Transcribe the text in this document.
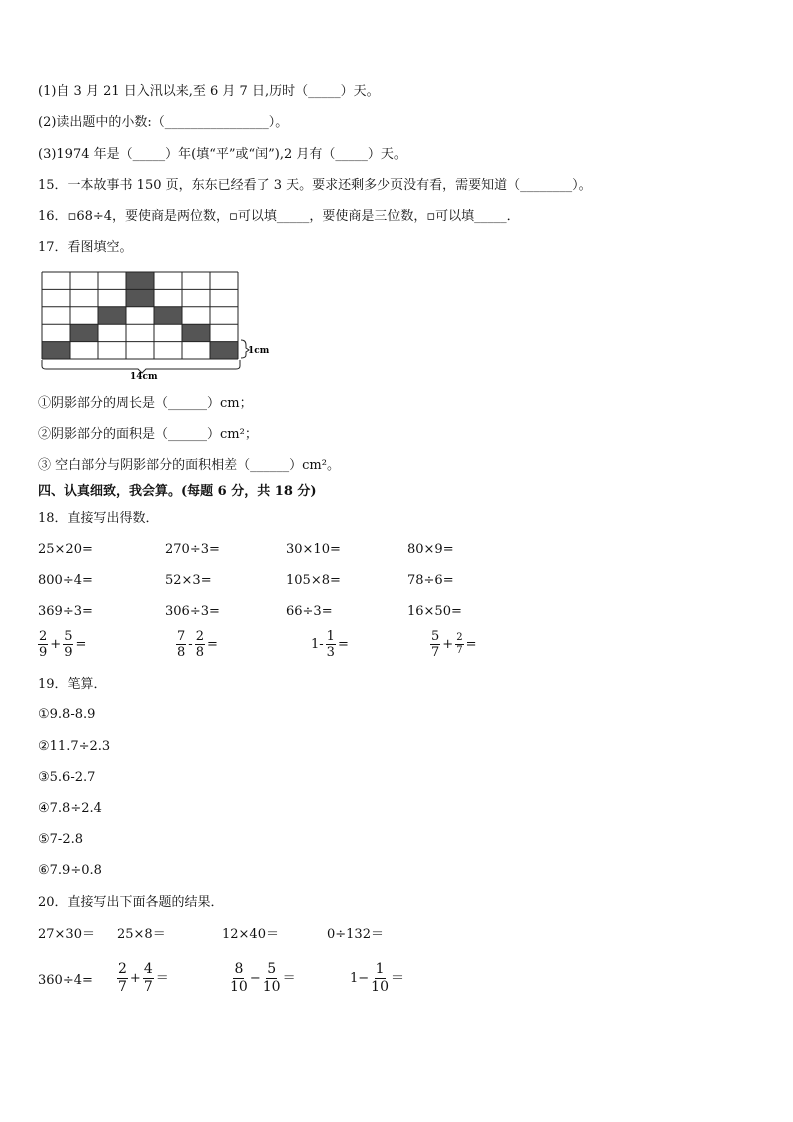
(1)自 3 月 21 日入汛以来,至 6 月 7 日,历时（_____）天。
(2)读出题中的小数:（________________）。
(3)1974 年是（_____）年(填“平”或“闰”),2 月有（_____）天。
15．一本故事书 150 页，东东已经看了 3 天。要求还剩多少页没有看，需要知道（________）。
16．▫68÷4，要使商是两位数，▫可以填_____，要使商是三位数，▫可以填_____．
17．看图填空。
14cm
1cm
①阴影部分的周长是（______）cm；
②阴影部分的面积是（______）cm²；
③ 空白部分与阴影部分的面积相差（______）cm²。
四、认真细致，我会算。(每题 6 分，共 18 分)
18．直接写出得数．
25×20=	270÷3=	30×10=	80×9=
800÷4=	52×3=	105×8=	78÷6=
369÷3=	306÷3=	66÷3=	16×50=
$\frac{2}{9} + \frac{5}{9}$ =	$\frac{7}{8} - \frac{2}{8}$ =	$1- \frac{1}{3}$ =	$\frac{5}{7} + \frac{2}{7}$ =
19．笔算．
①9.8-8.9
②11.7÷2.3
③5.6-2.7
④7.8÷2.4
⑤7-2.8
⑥7.9÷0.8
20．直接写出下面各题的结果．
27×30＝ 25×8＝	12×40＝	0÷132＝
$360\div 4= \frac{2}{7} + \frac{4}{7}$ ＝	$\frac{8}{10} - \frac{5}{10}$ ＝	$1- \frac{1}{10}$ ＝
